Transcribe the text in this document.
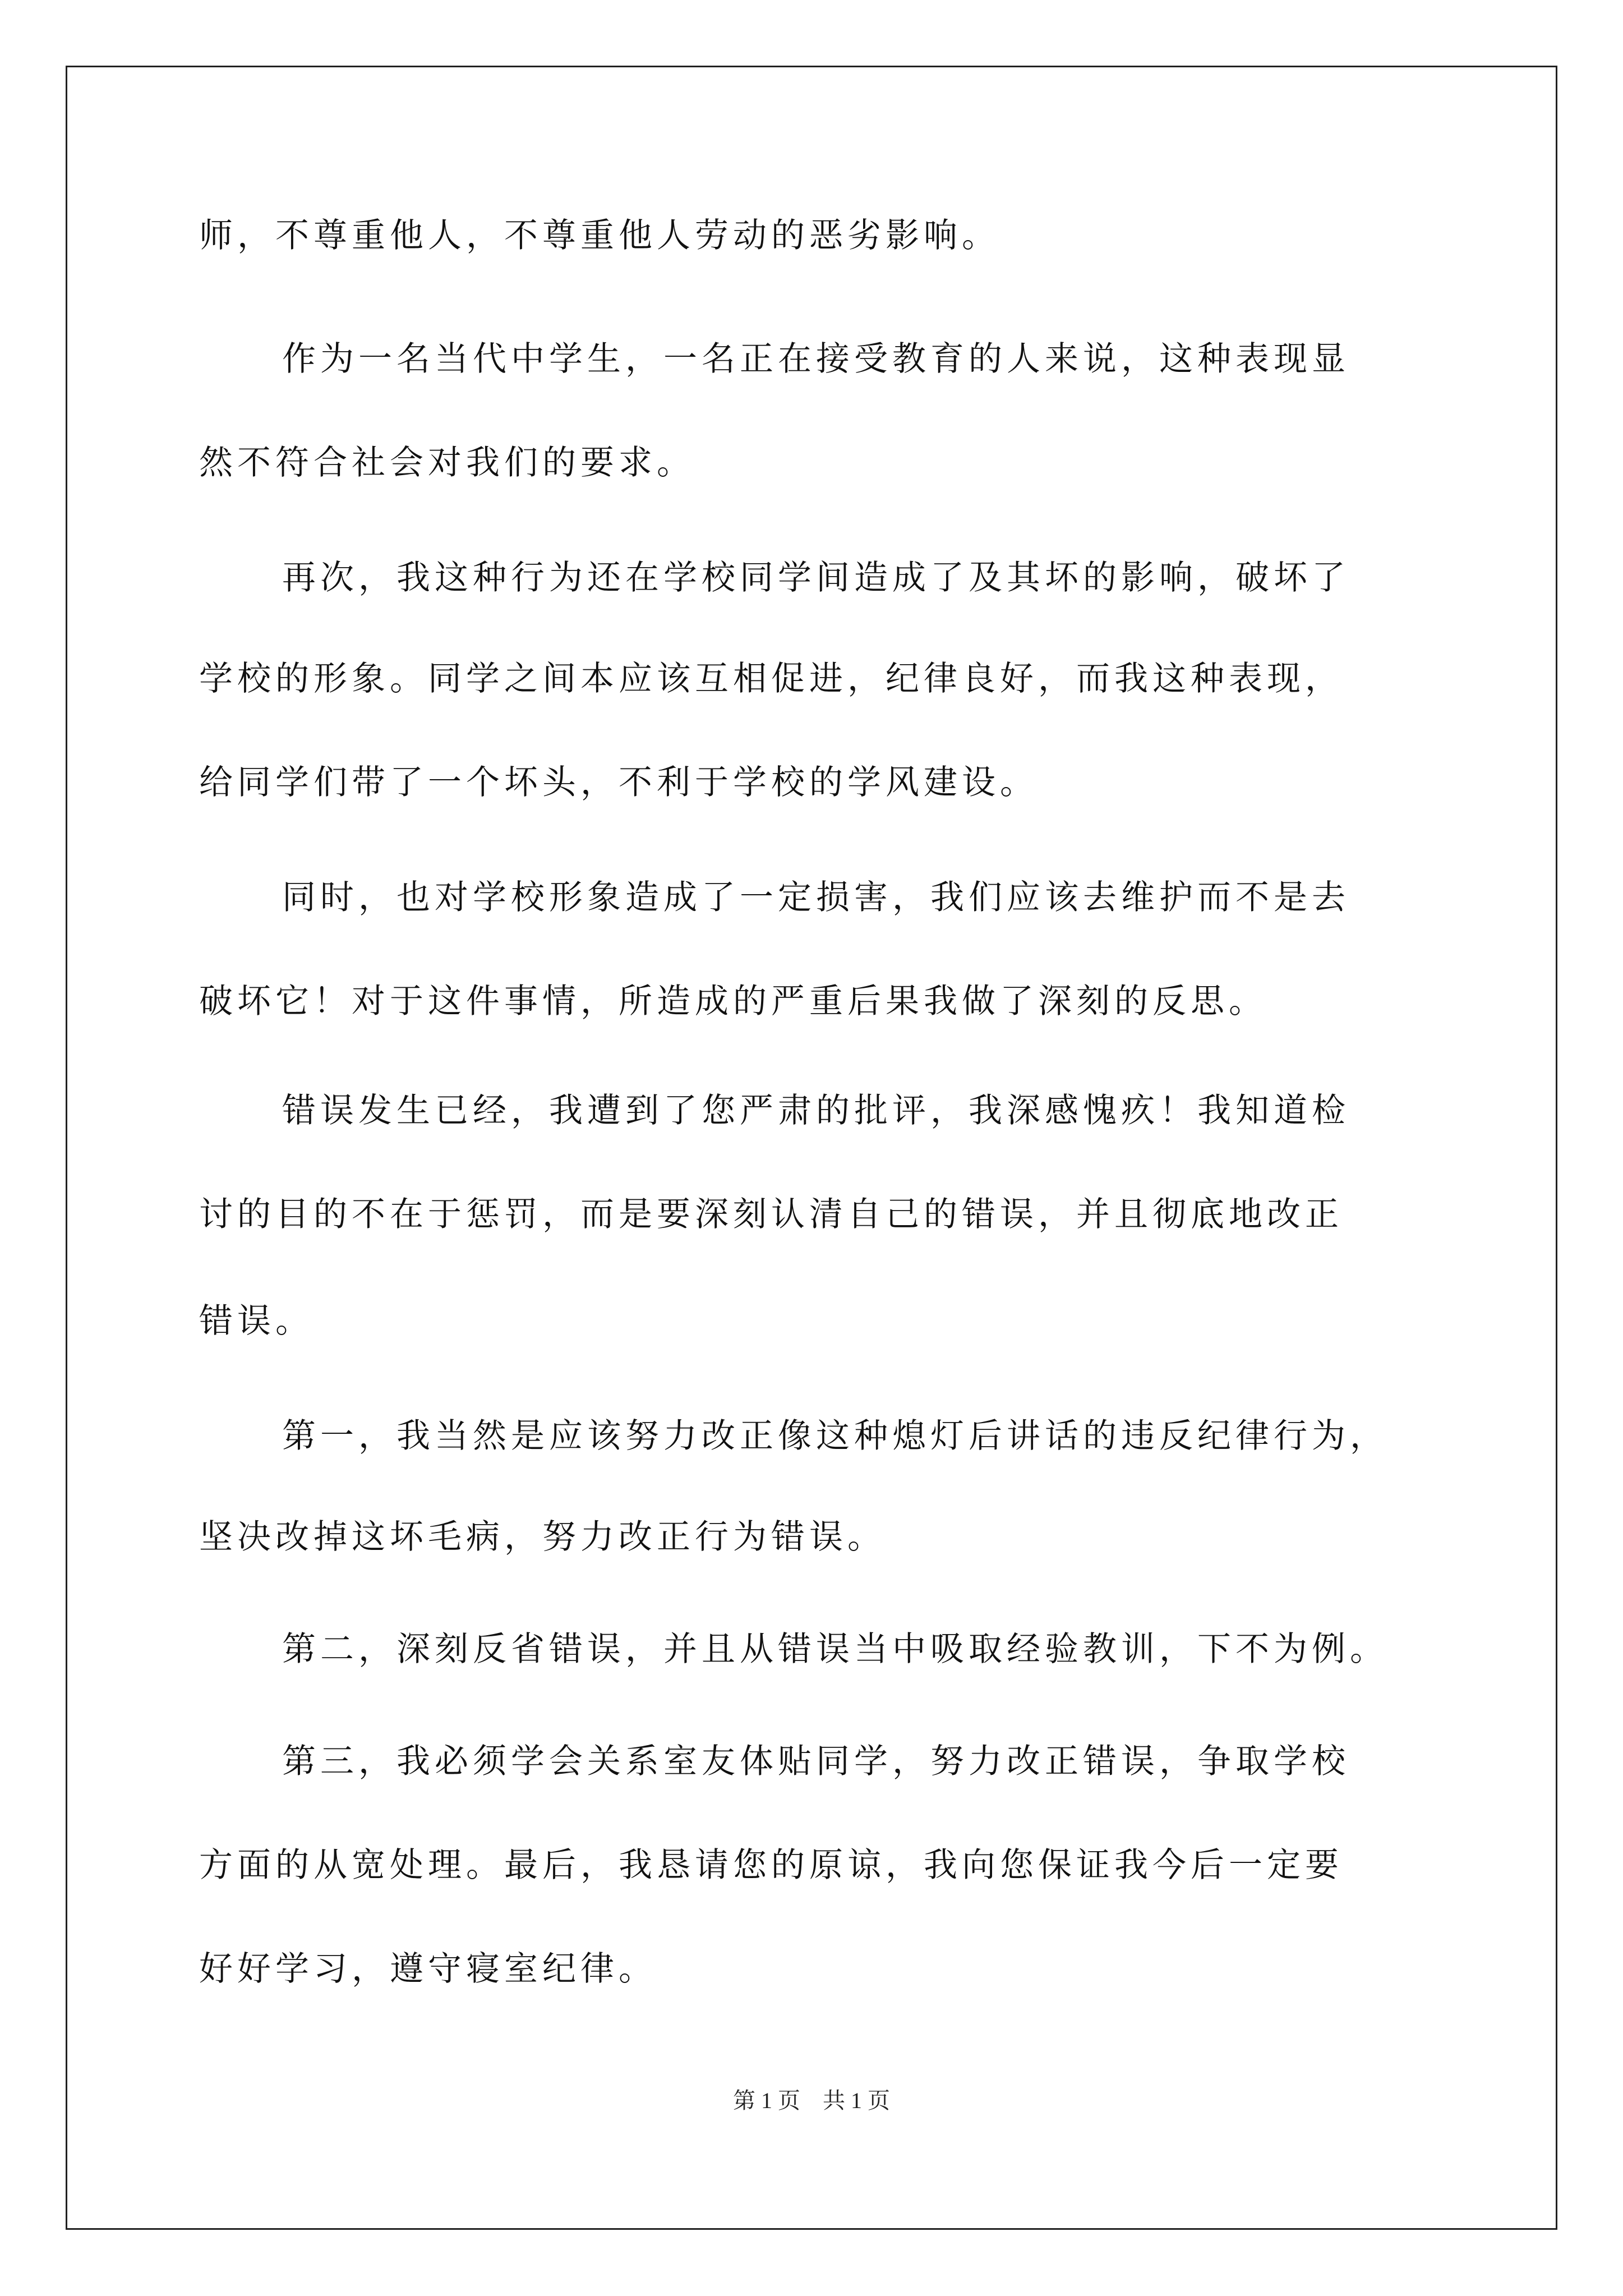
师，不尊重他人，不尊重他人劳动的恶劣影响。
作为一名当代中学生，一名正在接受教育的人来说，这种表现显
然不符合社会对我们的要求。
再次，我这种行为还在学校同学间造成了及其坏的影响，破坏了
学校的形象。同学之间本应该互相促进，纪律良好，而我这种表现，
给同学们带了一个坏头，不利于学校的学风建设。
同时，也对学校形象造成了一定损害，我们应该去维护而不是去
破坏它！对于这件事情，所造成的严重后果我做了深刻的反思。
错误发生已经，我遭到了您严肃的批评，我深感愧疚！我知道检
讨的目的不在于惩罚，而是要深刻认清自己的错误，并且彻底地改正
错误。
第一，我当然是应该努力改正像这种熄灯后讲话的违反纪律行为，
坚决改掉这坏毛病，努力改正行为错误。
第二，深刻反省错误，并且从错误当中吸取经验教训，下不为例。
第三，我必须学会关系室友体贴同学，努力改正错误，争取学校
方面的从宽处理。最后，我恳请您的原谅，我向您保证我今后一定要
好好学习，遵守寝室纪律。
第 1 页　共 1 页
